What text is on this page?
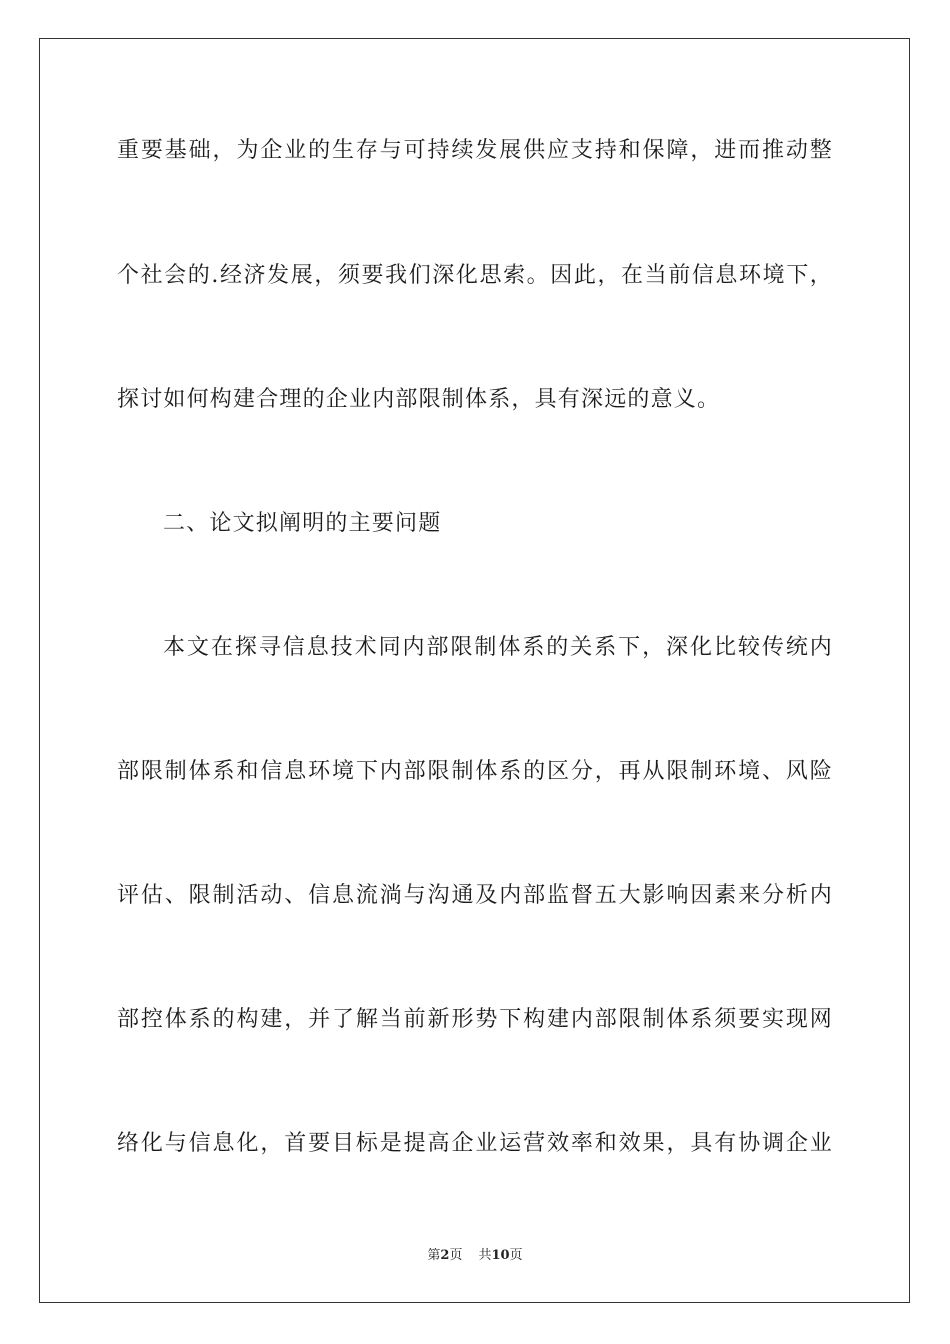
重要基础，为企业的生存与可持续发展供应支持和保障，进而推动整
个社会的.经济发展，须要我们深化思索。因此，在当前信息环境下，
探讨如何构建合理的企业内部限制体系，具有深远的意义。
二、论文拟阐明的主要问题
本文在探寻信息技术同内部限制体系的关系下，深化比较传统内
部限制体系和信息环境下内部限制体系的区分，再从限制环境、风险
评估、限制活动、信息流淌与沟通及内部监督五大影响因素来分析内
部控体系的构建，并了解当前新形势下构建内部限制体系须要实现网
络化与信息化，首要目标是提高企业运营效率和效果，具有协调企业
第2页 共10页
